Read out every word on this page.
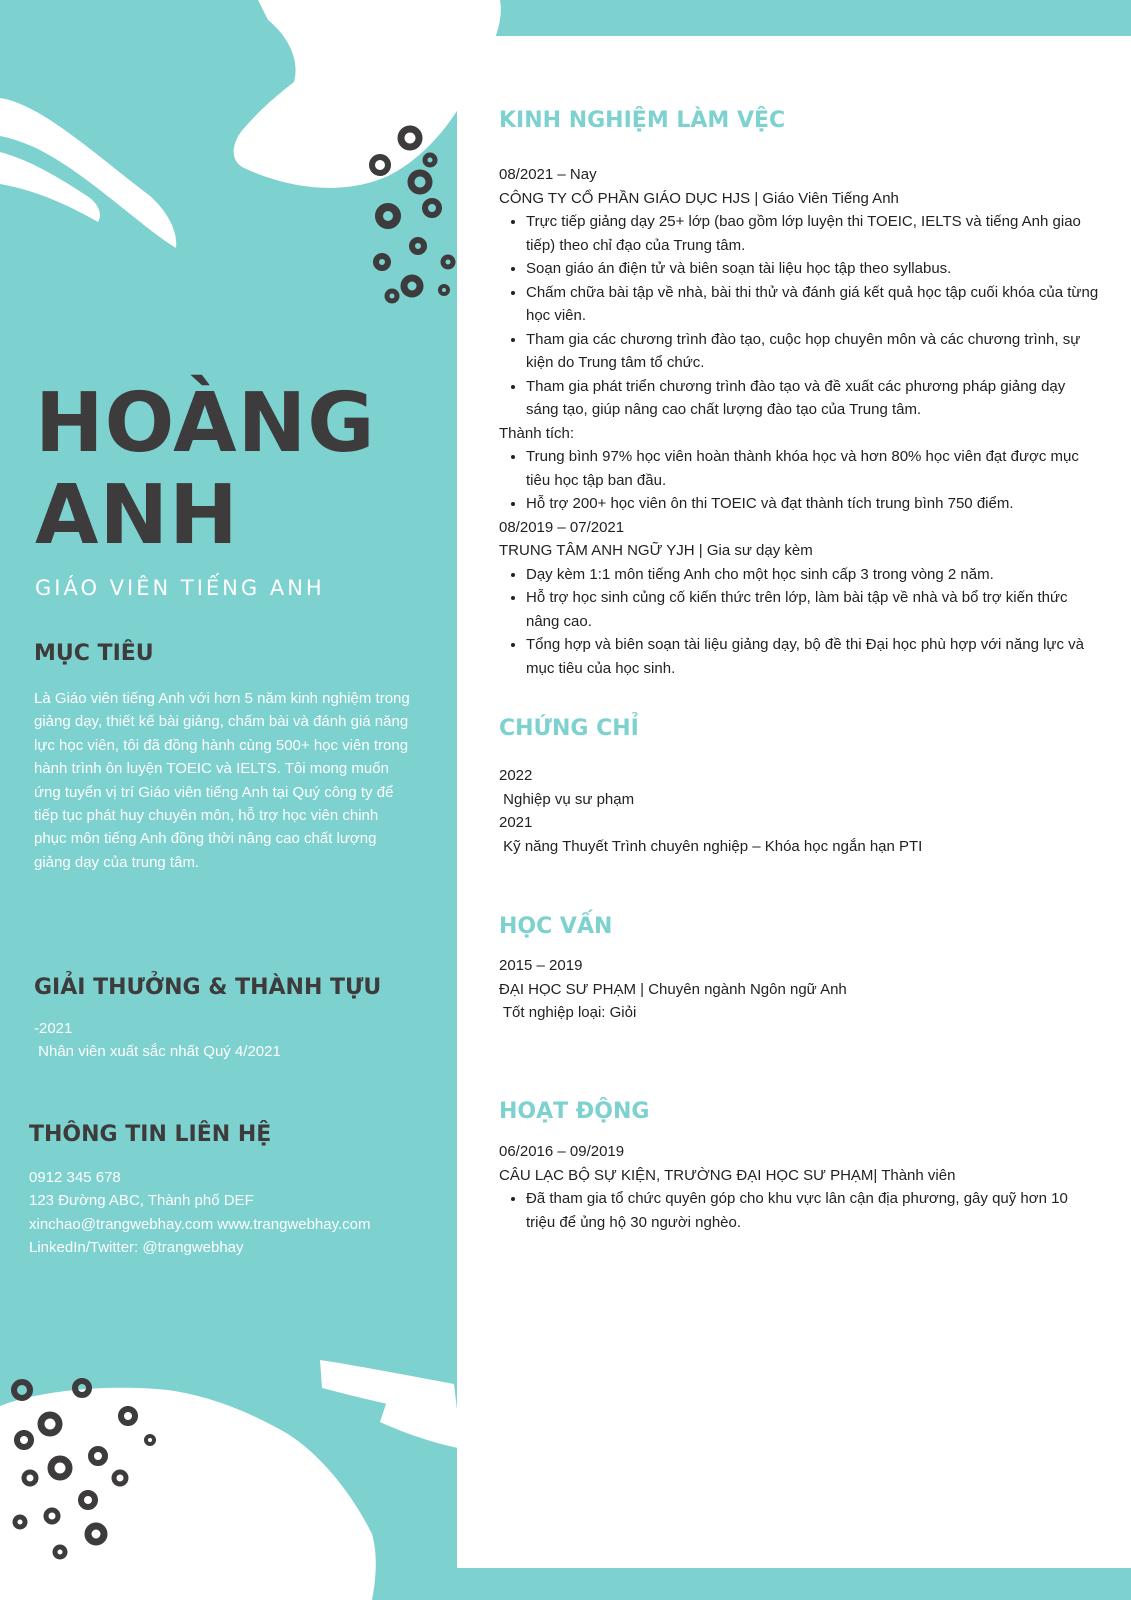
HOÀNG
ANH
GIÁO VIÊN TIẾNG ANH
MỤC TIÊU
Là Giáo viên tiếng Anh với hơn 5 năm kinh nghiệm trong giảng dạy, thiết kế bài giảng, chấm bài và đánh giá năng lực học viên, tôi đã đồng hành cùng 500+ học viên trong hành trình ôn luyện TOEIC và IELTS. Tôi mong muốn ứng tuyển vị trí Giáo viên tiếng Anh tại Quý công ty để tiếp tục phát huy chuyên môn, hỗ trợ học viên chinh phục môn tiếng Anh đồng thời nâng cao chất lượng giảng dạy của trung tâm.
GIẢI THƯỞNG & THÀNH TỰU
-2021
Nhân viên xuất sắc nhất Quý 4/2021
THÔNG TIN LIÊN HỆ
0912 345 678
123 Đường ABC, Thành phố DEF
xinchao@trangwebhay.com www.trangwebhay.com
LinkedIn/Twitter: @trangwebhay
KINH NGHIỆM LÀM VỆC
08/2021 – Nay
CÔNG TY CỔ PHẦN GIÁO DỤC HJS | Giáo Viên Tiếng Anh
• Trực tiếp giảng dạy 25+ lớp (bao gồm lớp luyện thi TOEIC, IELTS và tiếng Anh giao tiếp) theo chỉ đạo của Trung tâm.
• Soạn giáo án điện tử và biên soạn tài liệu học tập theo syllabus.
• Chấm chữa bài tập về nhà, bài thi thử và đánh giá kết quả học tập cuối khóa của từng học viên.
• Tham gia các chương trình đào tạo, cuộc họp chuyên môn và các chương trình, sự kiện do Trung tâm tổ chức.
• Tham gia phát triển chương trình đào tạo và đề xuất các phương pháp giảng dạy sáng tạo, giúp nâng cao chất lượng đào tạo của Trung tâm.
Thành tích:
• Trung bình 97% học viên hoàn thành khóa học và hơn 80% học viên đạt được mục tiêu học tập ban đầu.
• Hỗ trợ 200+ học viên ôn thi TOEIC và đạt thành tích trung bình 750 điểm.
08/2019 – 07/2021
TRUNG TÂM ANH NGỮ YJH | Gia sư dạy kèm
• Dạy kèm 1:1 môn tiếng Anh cho một học sinh cấp 3 trong vòng 2 năm.
• Hỗ trợ học sinh củng cố kiến thức trên lớp, làm bài tập về nhà và bổ trợ kiến thức nâng cao.
• Tổng hợp và biên soạn tài liệu giảng dạy, bộ đề thi Đại học phù hợp với năng lực và mục tiêu của học sinh.
CHỨNG CHỈ
2022
Nghiệp vụ sư phạm
2021
Kỹ năng Thuyết Trình chuyên nghiệp – Khóa học ngắn hạn PTI
HỌC VẤN
2015 – 2019
ĐẠI HỌC SƯ PHẠM | Chuyên ngành Ngôn ngữ Anh
Tốt nghiệp loại: Giỏi
HOẠT ĐỘNG
06/2016 – 09/2019
CÂU LẠC BỘ SỰ KIỆN, TRƯỜNG ĐẠI HỌC SƯ PHẠM| Thành viên
• Đã tham gia tổ chức quyên góp cho khu vực lân cận địa phương, gây quỹ hơn 10 triệu để ủng hộ 30 người nghèo.
